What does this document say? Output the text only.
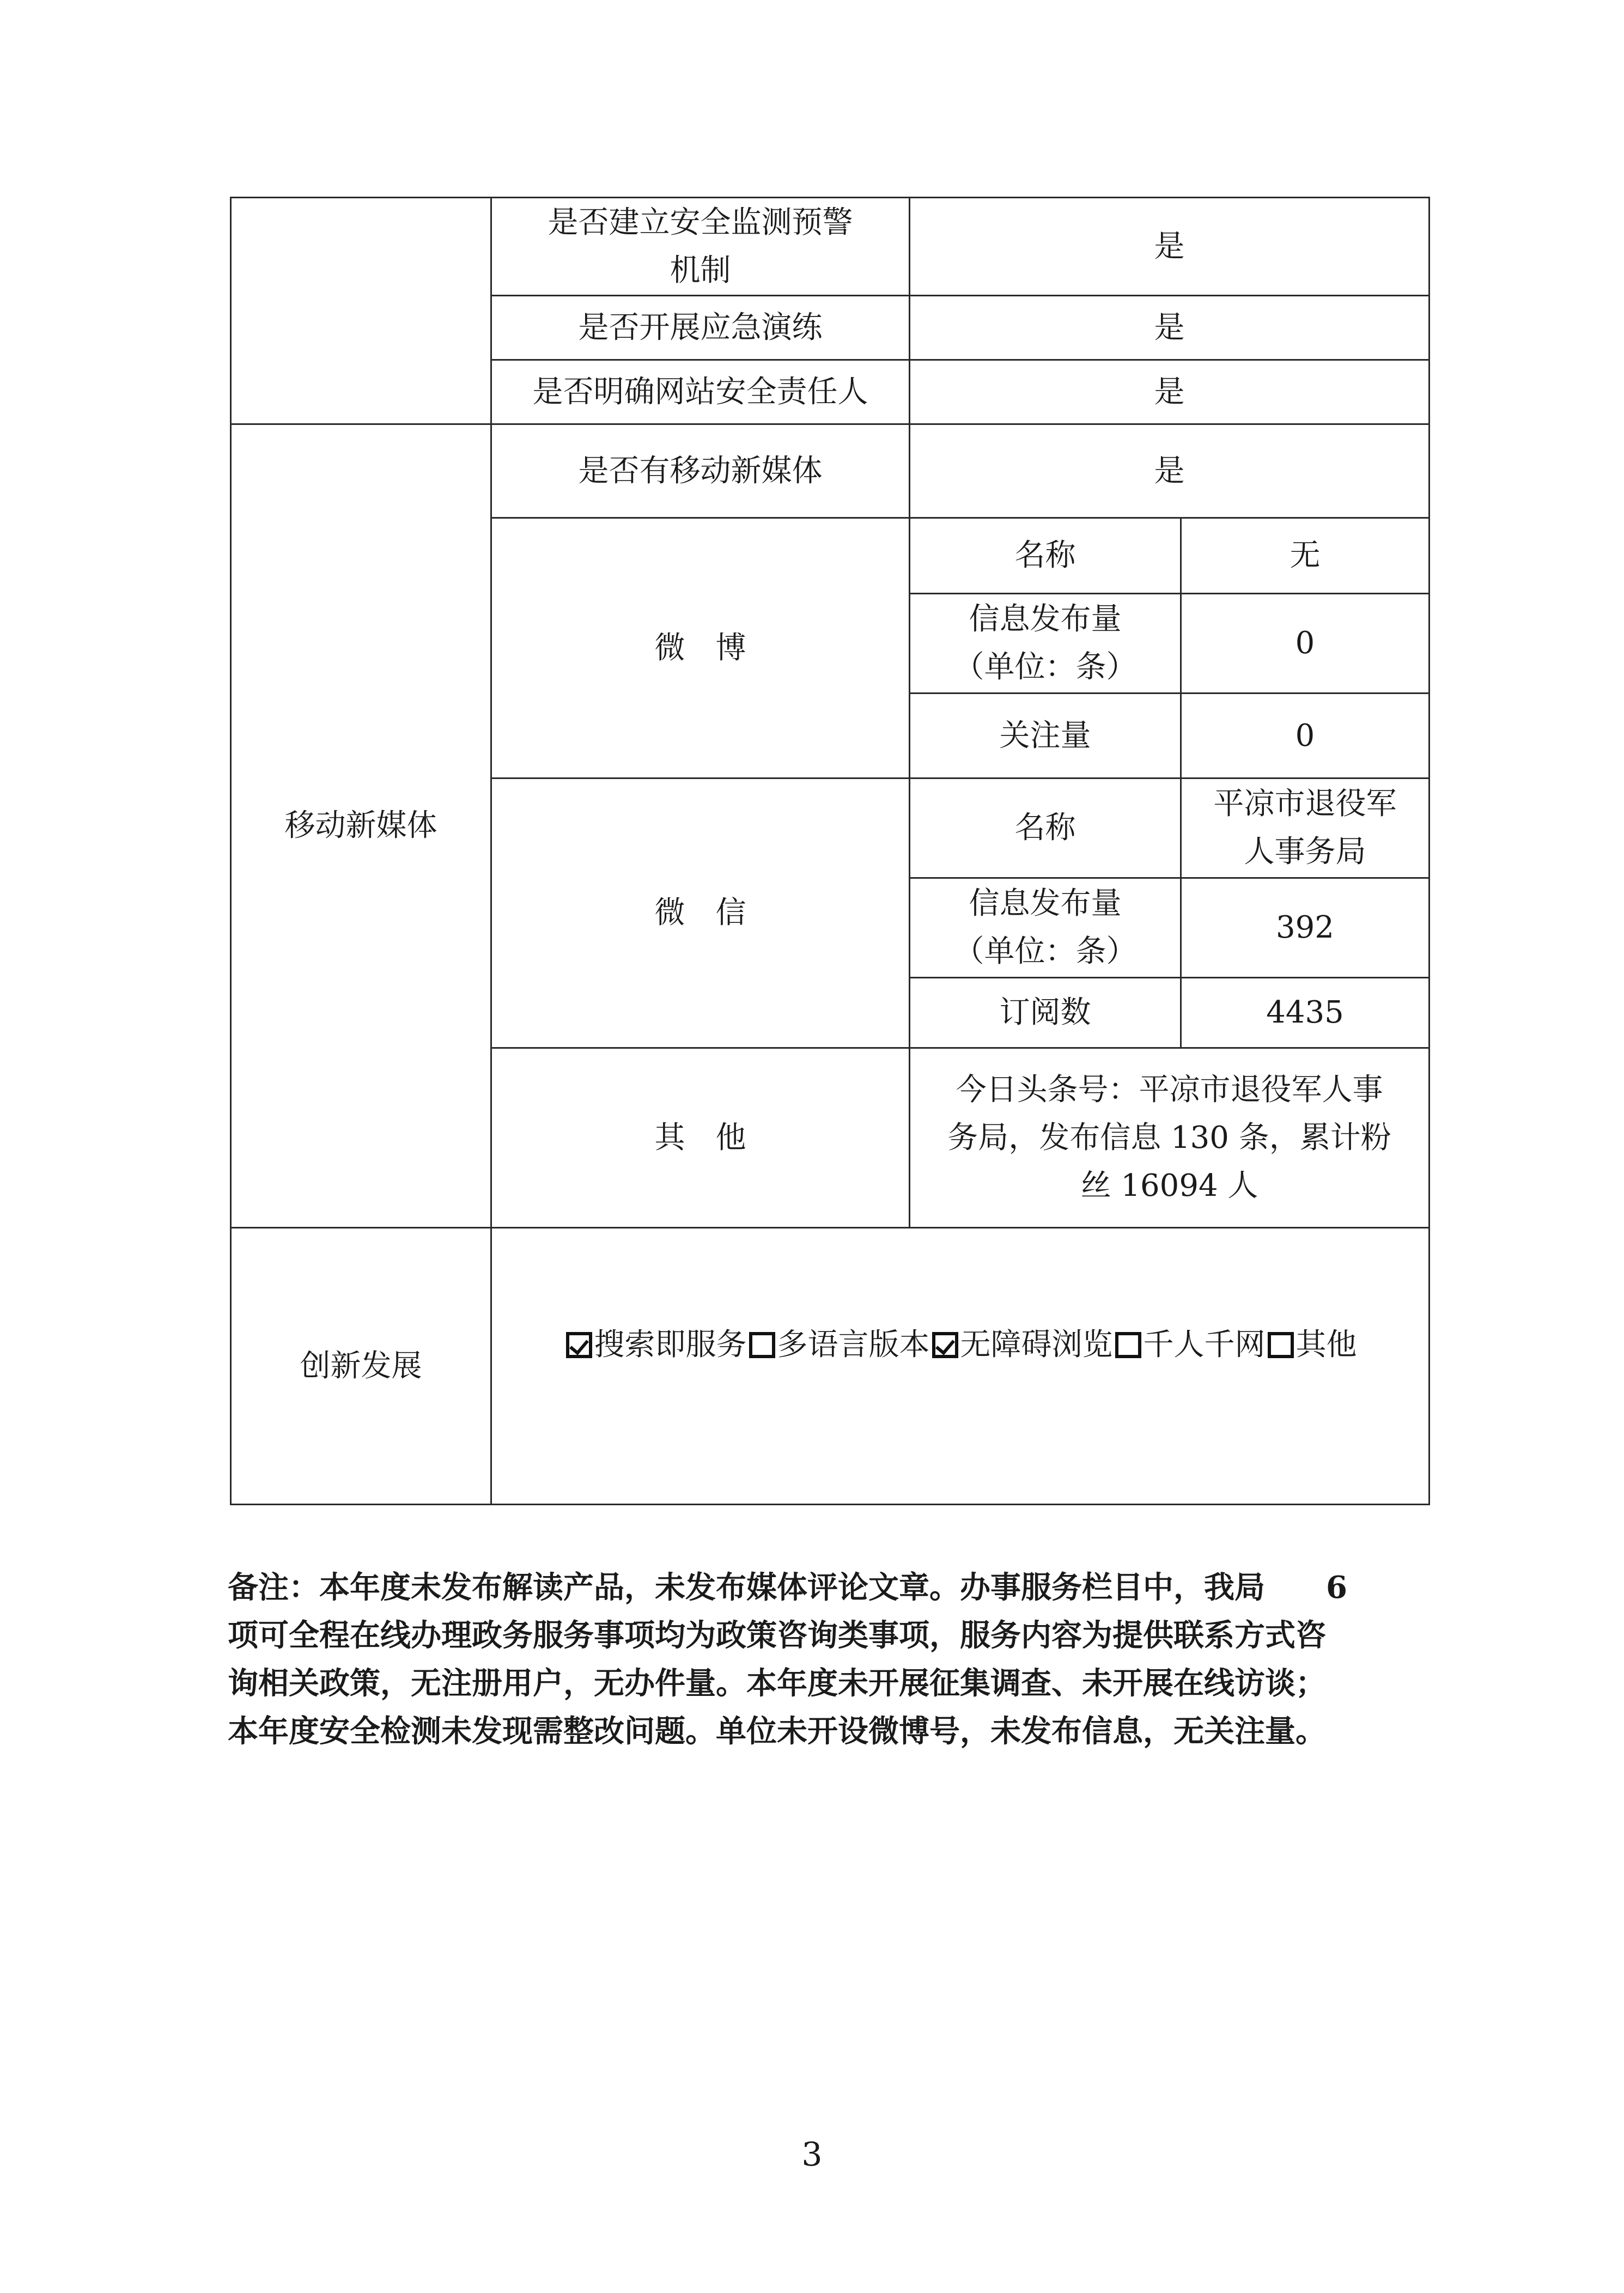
	是否建立安全监测预警
机制	是	
	是否开展应急演练	是	
	是否明确网站安全责任人	是	
移动新媒体	是否有移动新媒体	是	
	微　博	名称	无
		信息发布量
（单位：条）	0
		关注量	0
	微　信	名称	平凉市退役军
人事务局
		信息发布量
（单位：条）	392
		订阅数	4435
	其　他	今日头条号：平凉市退役军人事
务局，发布信息 130 条，累计粉
丝 16094 人	
创新发展	搜索即服务 多语言版本 无障碍浏览 千人千网 其他		
备注：本年度未发布解读产品，未发布媒体评论文章。办事服务栏目中，我局　　6
项可全程在线办理政务服务事项均为政策咨询类事项，服务内容为提供联系方式咨
询相关政策，无注册用户，无办件量。本年度未开展征集调查、未开展在线访谈；
本年度安全检测未发现需整改问题。单位未开设微博号，未发布信息，无关注量。
3
